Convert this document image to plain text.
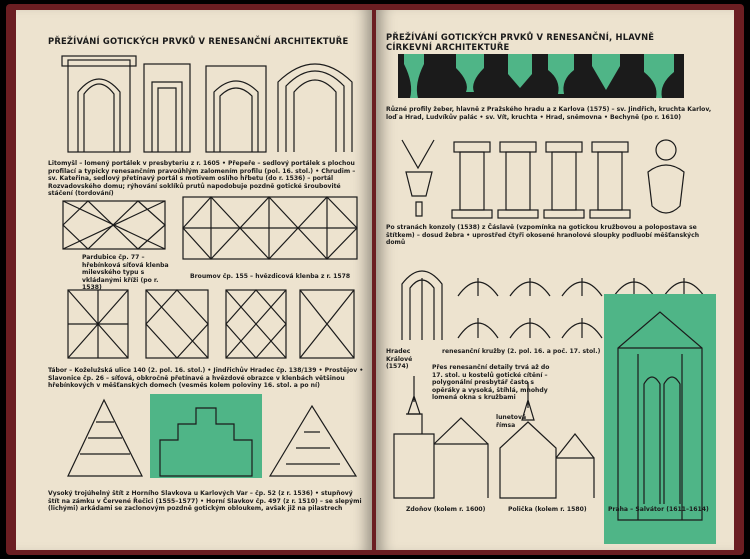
PŘEŽÍVÁNÍ GOTICKÝCH PRVKŮ V RENESANČNÍ ARCHITEKTUŘE
Litomyšl – lomený portálek v presbyteriu z r. 1605 • Přepeře – sedlový portálek s plochou profilací a typicky renesančním pravoúhlým zalomením profilu (pol. 16. stol.) • Chrudim – sv. Kateřina, sedlový přetínavý portál s motivem oslího hřbetu (do r. 1536) – portál Rozvadovského domu; rýhování soklíků prutů napodobuje pozdně gotické šroubovité stáčení (tordování)
Pardubice čp. 77 – hřebínková síťová klenba milevského typu s vkládanými kříži (po r. 1538)
Broumov čp. 155 – hvězdicová klenba z r. 1578
Tábor – Koželužská ulice 140 (2. pol. 16. stol.) • Jindřichův Hradec čp. 138/139 • Prostějov • Slavonice čp. 26 – síťová, obkročně přetínavé a hvězdové obrazce v klenbách většinou hřebínkových v měšťanských domech (vesměs kolem poloviny 16. stol. a po ní)
Vysoký trojúhelný štít z Horního Slavkova u Karlových Var – čp. 52 (z r. 1536) • stupňový štít na zámku v Červené Řečici (1555–1577) • Horní Slavkov čp. 497 (z r. 1510) – se slepými (lichými) arkádami se zaclonovým pozdně gotickým obloukem, avšak již na pilastrech
PŘEŽÍVÁNÍ GOTICKÝCH PRVKŮ V RENESANČNÍ, HLAVNĚ CÍRKEVNÍ ARCHITEKTUŘE
Různé profily žeber, hlavně z Pražského hradu a z Karlova (1575) – sv. Jindřich, kruchta Karlov, loď a Hrad, Ludvíkův palác • sv. Vít, kruchta • Hrad, sněmovna • Bechyně (po r. 1610)
Po stranách konzoly (1538) z Čáslavě (vzpomínka na gotickou kružbovou a polopostava se štítkem) – dosud žebra • uprostřed čtyři okosené hranolové sloupky podluobí měšťanských domů
Hradec Králové (1574)
renesanční kružby (2. pol. 16. a poč. 17. stol.)
Přes renesanční detaily trvá až do 17. stol. u kostelů gotické cítění – polygonální presbytář často s opěráky a vysoká, štíhlá, mnohdy lomená okna s kružbami
lunetová římsa
Zdoňov (kolem r. 1600)	Polička (kolem r. 1580)	Praha – Salvátor (1611–1614)
